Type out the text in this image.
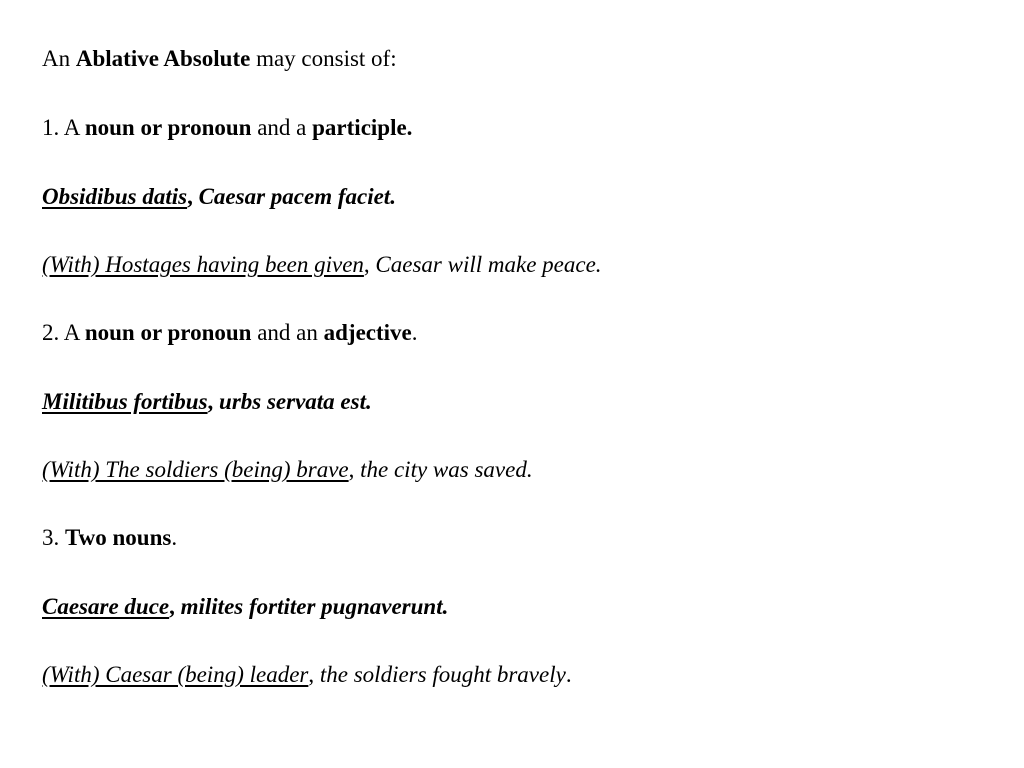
An Ablative Absolute may consist of:
1. A noun or pronoun and a participle.
Obsidibus datis, Caesar pacem faciet.
(With) Hostages having been given, Caesar will make peace.
2. A noun or pronoun and an adjective.
Militibus fortibus, urbs servata est.
(With) The soldiers (being) brave, the city was saved.
3. Two nouns.
Caesare duce, milites fortiter pugnaverunt.
(With) Caesar (being) leader, the soldiers fought bravely.
